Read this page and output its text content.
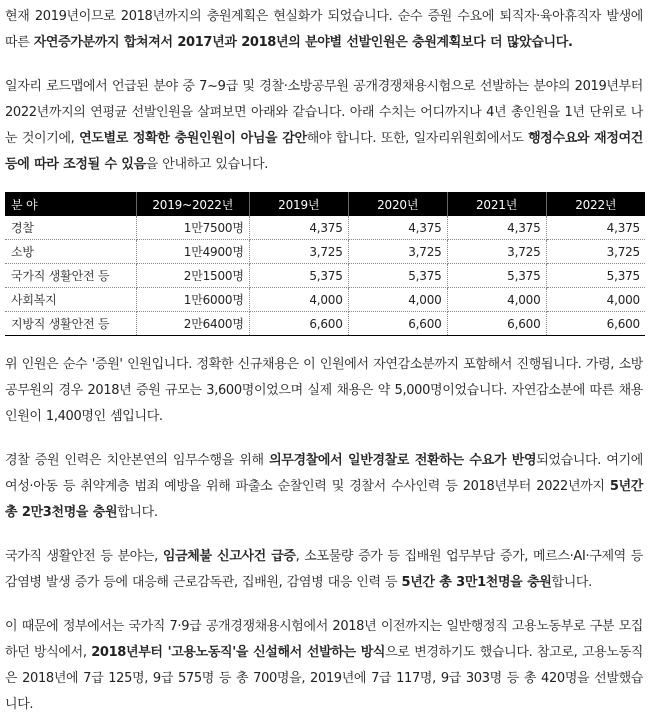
현재 2019년이므로 2018년까지의 충원계획은 현실화가 되었습니다. 순수 증원 수요에 퇴직자·육아휴직자 발생에 따른 자연증가분까지 합쳐져서 2017년과 2018년의 분야별 선발인원은 충원계획보다 더 많았습니다.

일자리 로드맵에서 언급된 분야 중 7~9급 및 경찰·소방공무원 공개경쟁채용시험으로 선발하는 분야의 2019년부터 2022년까지의 연평균 선발인원을 살펴보면 아래와 같습니다. 아래 수치는 어디까지나 4년 총인원을 1년 단위로 나눈 것이기에, 연도별로 정확한 충원인원이 아님을 감안해야 합니다. 또한, 일자리위원회에서도 행정수요와 재정여건 등에 따라 조정될 수 있음을 안내하고 있습니다.

분 야	2019~2022년	2019년	2020년	2021년	2022년
경찰	1만7500명	4,375	4,375	4,375	4,375
소방	1만4900명	3,725	3,725	3,725	3,725
국가직 생활안전 등	2만1500명	5,375	5,375	5,375	5,375
사회복지	1만6000명	4,000	4,000	4,000	4,000
지방직 생활안전 등	2만6400명	6,600	6,600	6,600	6,600

위 인원은 순수 '증원' 인원입니다. 정확한 신규채용은 이 인원에서 자연감소분까지 포함해서 진행됩니다. 가령, 소방공무원의 경우 2018년 증원 규모는 3,600명이었으며 실제 채용은 약 5,000명이었습니다. 자연감소분에 따른 채용인원이 1,400명인 셈입니다.

경찰 증원 인력은 치안본연의 임무수행을 위해 의무경찰에서 일반경찰로 전환하는 수요가 반영되었습니다. 여기에 여성·아동 등 취약계층 범죄 예방을 위해 파출소 순찰인력 및 경찰서 수사인력 등 2018년부터 2022년까지 5년간 총 2만3천명을 충원합니다.

국가직 생활안전 등 분야는, 임금체불 신고사건 급증, 소포물량 증가 등 집배원 업무부담 증가, 메르스·AI·구제역 등 감염병 발생 증가 등에 대응해 근로감독관, 집배원, 감염병 대응 인력 등 5년간 총 3만1천명을 충원합니다.

이 때문에 정부에서는 국가직 7·9급 공개경쟁채용시험에서 2018년 이전까지는 일반행정직 고용노동부로 구분 모집하던 방식에서, 2018년부터 '고용노동직'을 신설해서 선발하는 방식으로 변경하기도 했습니다. 참고로, 고용노동직은 2018년에 7급 125명, 9급 575명 등 총 700명을, 2019년에 7급 117명, 9급 303명 등 총 420명을 선발했습니다.
